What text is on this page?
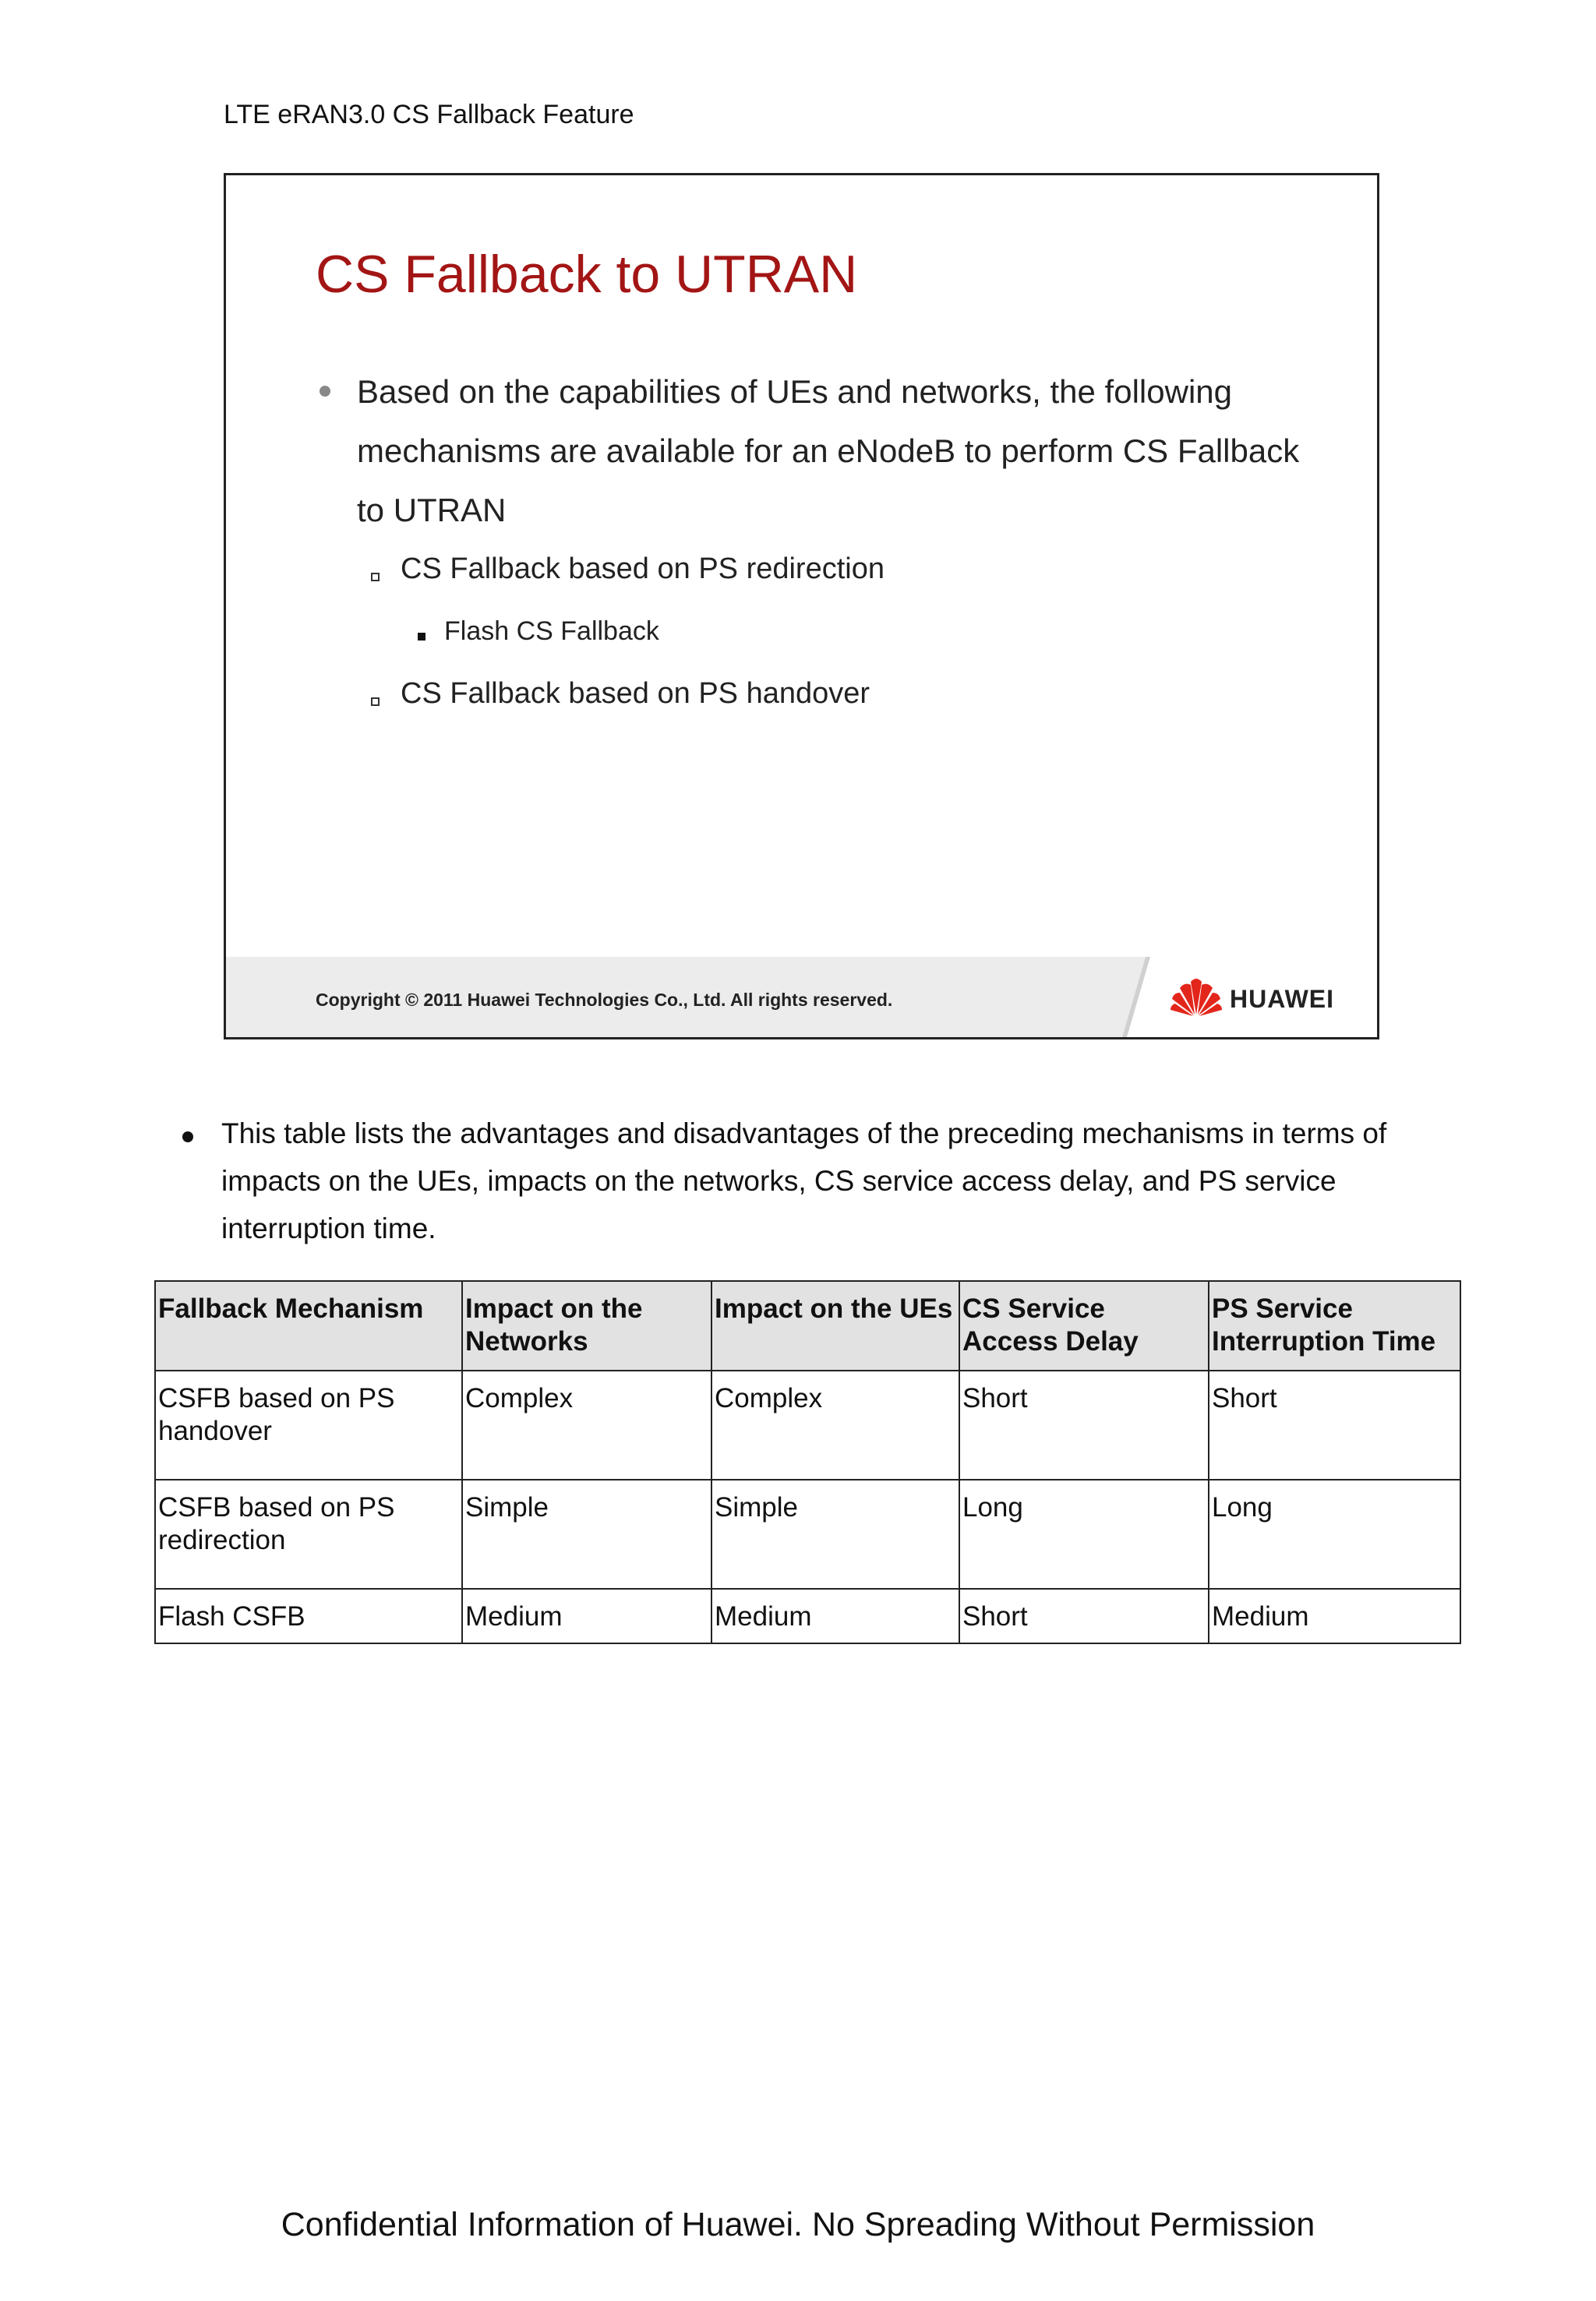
LTE eRAN3.0 CS Fallback Feature
CS Fallback to UTRAN
Based on the capabilities of UEs and networks, the following mechanisms are available for an eNodeB to perform CS Fallback to UTRAN
CS Fallback based on PS redirection
Flash CS Fallback
CS Fallback based on PS handover
Copyright © 2011 Huawei Technologies Co., Ltd. All rights reserved.	HUAWEI
This table lists the advantages and disadvantages of the preceding mechanisms in terms of impacts on the UEs, impacts on the networks, CS service access delay, and PS service interruption time.
Fallback Mechanism	Impact on the Networks	Impact on the UEs	CS Service Access Delay	PS Service Interruption Time
CSFB based on PS handover	Complex	Complex	Short	Short
CSFB based on PS redirection	Simple	Simple	Long	Long
Flash CSFB	Medium	Medium	Short	Medium
Confidential Information of Huawei. No Spreading Without Permission
